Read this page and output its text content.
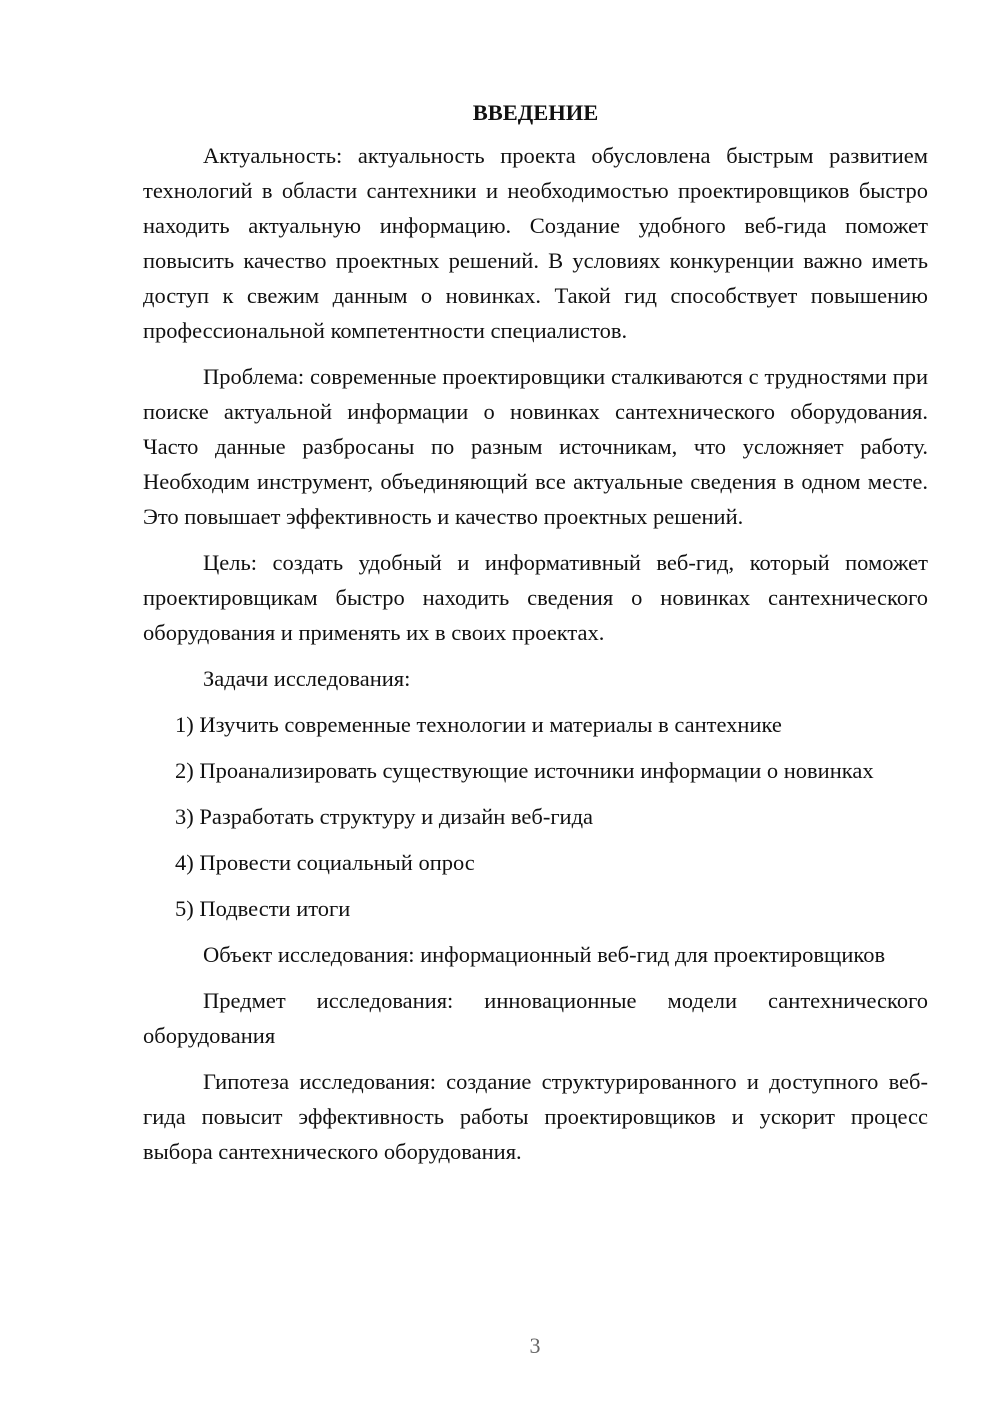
ВВЕДЕНИЕ

Актуальность: актуальность проекта обусловлена быстрым развитием технологий в области сантехники и необходимостью проектировщиков быстро находить актуальную информацию. Создание удобного веб-гида поможет повысить качество проектных решений. В условиях конкуренции важно иметь доступ к свежим данным о новинках. Такой гид способствует повышению профессиональной компетентности специалистов.

Проблема: современные проектировщики сталкиваются с трудностями при поиске актуальной информации о новинках сантехнического оборудования. Часто данные разбросаны по разным источникам, что усложняет работу. Необходим инструмент, объединяющий все актуальные сведения в одном месте. Это повышает эффективность и качество проектных решений.

Цель: создать удобный и информативный веб-гид, который поможет проектировщикам быстро находить сведения о новинках сантехнического оборудования и применять их в своих проектах.

Задачи исследования:

1) Изучить современные технологии и материалы в сантехнике

2) Проанализировать существующие источники информации о новинках

3) Разработать структуру и дизайн веб-гида

4) Провести социальный опрос

5) Подвести итоги

Объект исследования: информационный веб-гид для проектировщиков

Предмет исследования: инновационные модели сантехнического оборудования

Гипотеза исследования: создание структурированного и доступного веб-гида повысит эффективность работы проектировщиков и ускорит процесс выбора сантехнического оборудования.

3
